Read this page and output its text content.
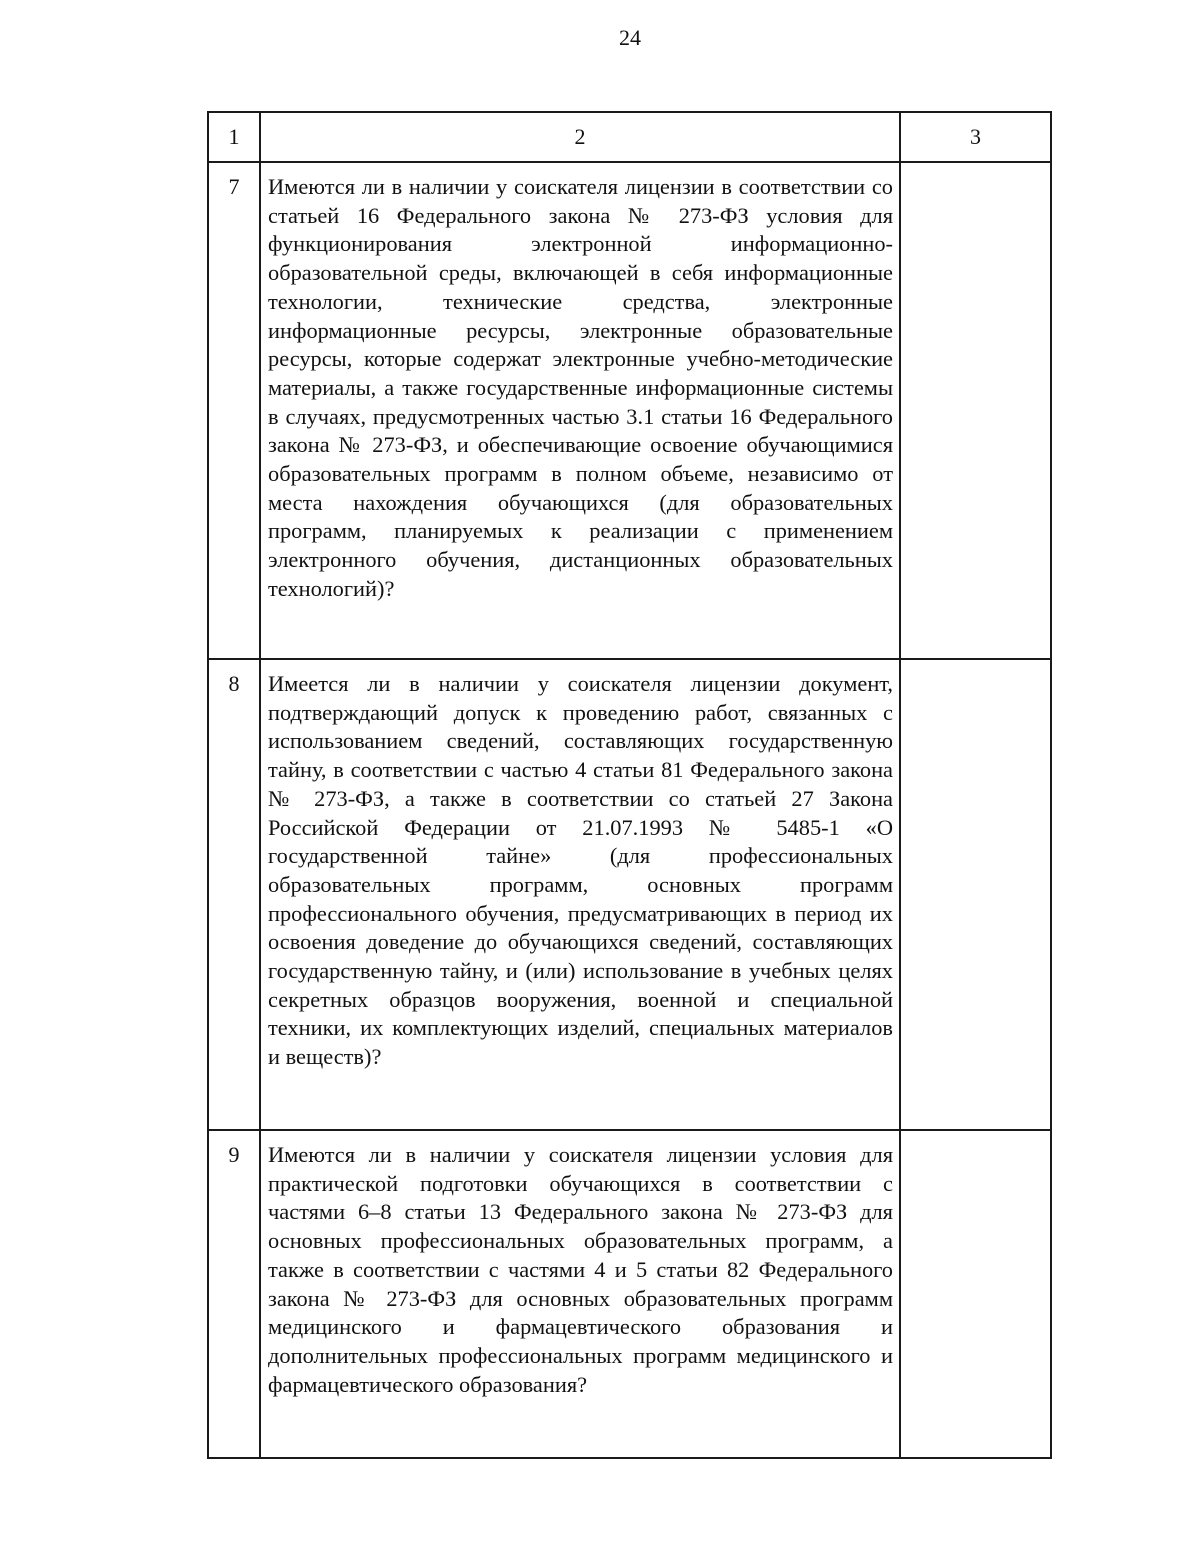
24
1	2	3
7	Имеются ли в наличии у соискателя лицензии в соответствии со статьей 16 Федерального закона № 273-ФЗ условия для функционирования электронной информационно-образовательной среды, включающей в себя информационные технологии, технические средства, электронные информационные ресурсы, электронные образовательные ресурсы, которые содержат электронные учебно-методические материалы, а также государственные информационные системы в случаях, предусмотренных частью 3.1 статьи 16 Федерального закона № 273-ФЗ, и обеспечивающие освоение обучающимися образовательных программ в полном объеме, независимо от места нахождения обучающихся (для образовательных программ, планируемых к реализации с применением электронного обучения, дистанционных образовательных технологий)?	

8	Имеется ли в наличии у соискателя лицензии документ, подтверждающий допуск к проведению работ, связанных с использованием сведений, составляющих государственную тайну, в соответствии с частью 4 статьи 81 Федерального закона № 273-ФЗ, а также в соответствии со статьей 27 Закона Российской Федерации от 21.07.1993 № 5485-1 «О государственной тайне» (для профессиональных образовательных программ, основных программ профессионального обучения, предусматривающих в период их освоения доведение до обучающихся сведений, составляющих государственную тайну, и (или) использование в учебных целях секретных образцов вооружения, военной и специальной техники, их комплектующих изделий, специальных материалов и веществ)?	

9	Имеются ли в наличии у соискателя лицензии условия для практической подготовки обучающихся в соответствии с частями 6–8 статьи 13 Федерального закона № 273-ФЗ для основных профессиональных образовательных программ, а также в соответствии с частями 4 и 5 статьи 82 Федерального закона № 273-ФЗ для основных образовательных программ медицинского и фармацевтического образования и дополнительных профессиональных программ медицинского и фармацевтического образования?	
